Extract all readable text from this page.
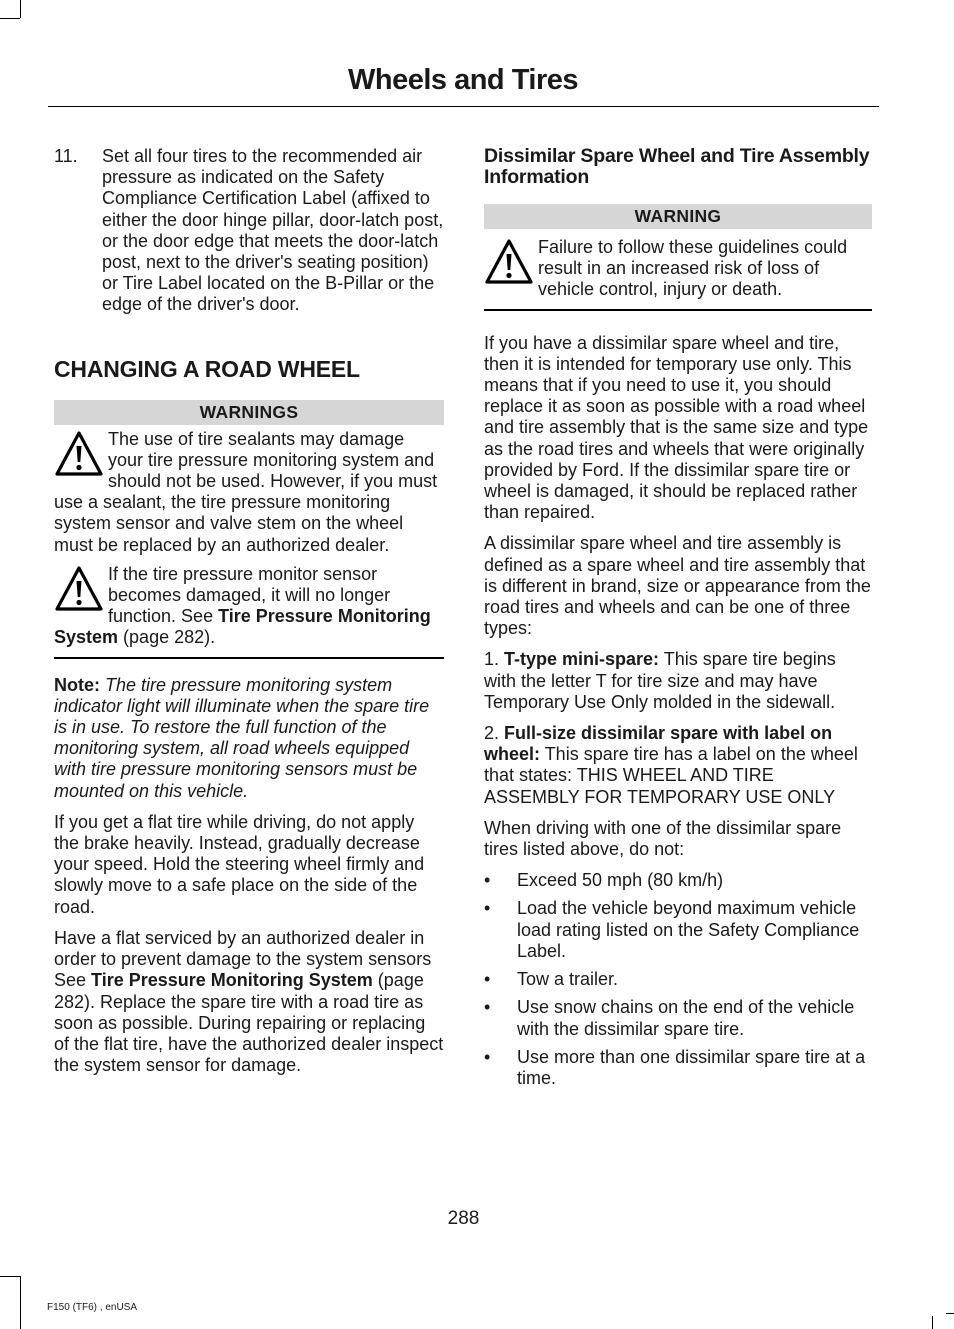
Wheels and Tires

11.	Set all four tires to the recommended air pressure as indicated on the Safety Compliance Certification Label (affixed to either the door hinge pillar, door-latch post, or the door edge that meets the door-latch post, next to the driver's seating position) or Tire Label located on the B-Pillar or the edge of the driver's door.

CHANGING A ROAD WHEEL
WARNINGS

The use of tire sealants may damage your tire pressure monitoring system and should not be used. However, if you must use a sealant, the tire pressure monitoring system sensor and valve stem on the wheel must be replaced by an authorized dealer.

If the tire pressure monitor sensor becomes damaged, it will no longer function. See Tire Pressure Monitoring System (page 282).

Note: The tire pressure monitoring system indicator light will illuminate when the spare tire is in use. To restore the full function of the monitoring system, all road wheels equipped with tire pressure monitoring sensors must be mounted on this vehicle.

If you get a flat tire while driving, do not apply the brake heavily. Instead, gradually decrease your speed. Hold the steering wheel firmly and slowly move to a safe place on the side of the road.

Have a flat serviced by an authorized dealer in order to prevent damage to the system sensors See Tire Pressure Monitoring System (page 282). Replace the spare tire with a road tire as soon as possible. During repairing or replacing of the flat tire, have the authorized dealer inspect the system sensor for damage.

Dissimilar Spare Wheel and Tire Assembly Information
WARNING

Failure to follow these guidelines could result in an increased risk of loss of vehicle control, injury or death.

If you have a dissimilar spare wheel and tire, then it is intended for temporary use only. This means that if you need to use it, you should replace it as soon as possible with a road wheel and tire assembly that is the same size and type as the road tires and wheels that were originally provided by Ford. If the dissimilar spare tire or wheel is damaged, it should be replaced rather than repaired.

A dissimilar spare wheel and tire assembly is defined as a spare wheel and tire assembly that is different in brand, size or appearance from the road tires and wheels and can be one of three types:

1. T-type mini-spare: This spare tire begins with the letter T for tire size and may have Temporary Use Only molded in the sidewall.

2. Full-size dissimilar spare with label on wheel: This spare tire has a label on the wheel that states: THIS WHEEL AND TIRE ASSEMBLY FOR TEMPORARY USE ONLY

When driving with one of the dissimilar spare tires listed above, do not:

•	Exceed 50 mph (80 km/h)
•	Load the vehicle beyond maximum vehicle load rating listed on the Safety Compliance Label.
•	Tow a trailer.
•	Use snow chains on the end of the vehicle with the dissimilar spare tire.
•	Use more than one dissimilar spare tire at a time.
288
F150 (TF6) , enUSA
